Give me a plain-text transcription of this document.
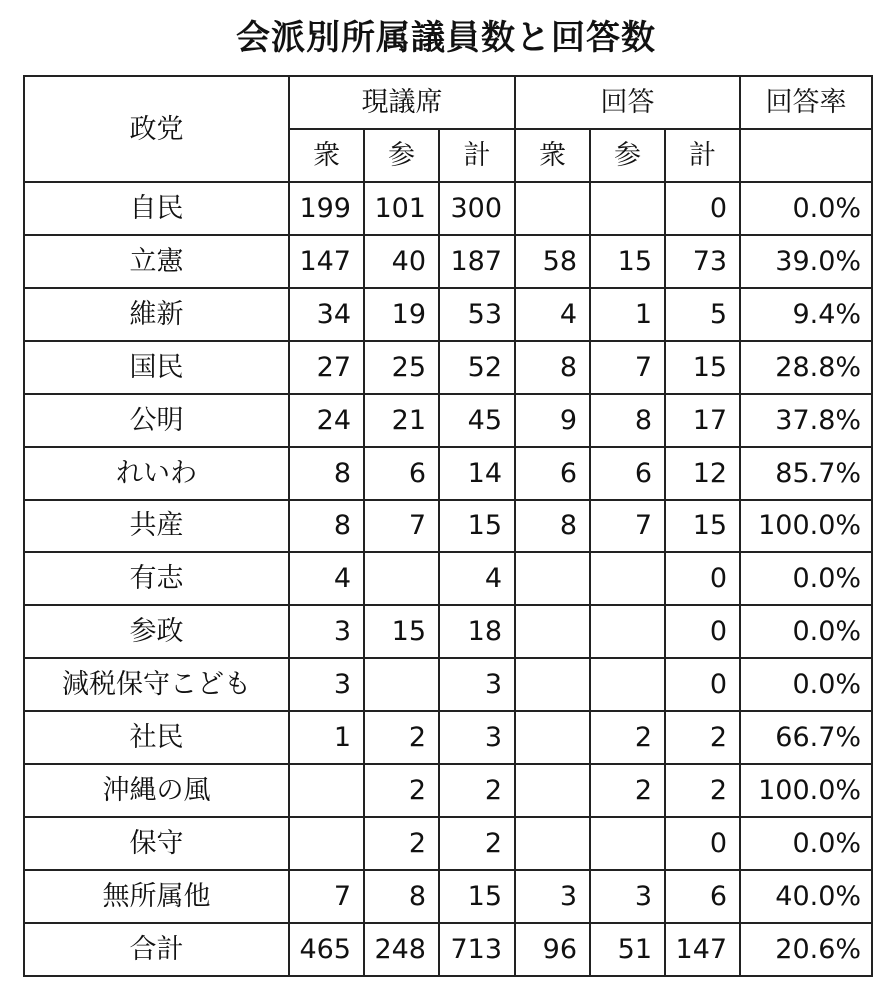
会派別所属議員数と回答数
政党	現議席			回答			回答率
	衆	参	計	衆	参	計	
自民	199	101	300			0	0.0%
立憲	147	40	187	58	15	73	39.0%
維新	34	19	53	4	1	5	9.4%
国民	27	25	52	8	7	15	28.8%
公明	24	21	45	9	8	17	37.8%
れいわ	8	6	14	6	6	12	85.7%
共産	8	7	15	8	7	15	100.0%
有志	4		4			0	0.0%
参政	3	15	18			0	0.0%
減税保守こども	3		3			0	0.0%
社民	1	2	3		2	2	66.7%
沖縄の風		2	2		2	2	100.0%
保守		2	2			0	0.0%
無所属他	7	8	15	3	3	6	40.0%
合計	465	248	713	96	51	147	20.6%
